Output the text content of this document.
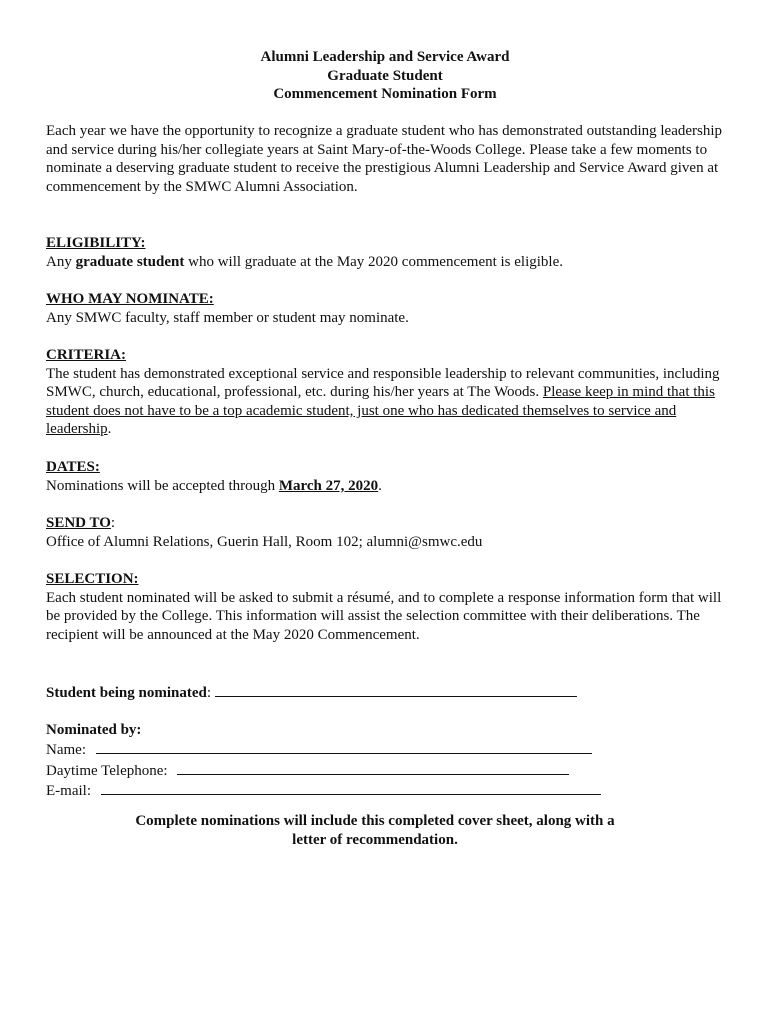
Alumni Leadership and Service Award
Graduate Student
Commencement Nomination Form
Each year we have the opportunity to recognize a graduate student who has demonstrated outstanding leadership and service during his/her collegiate years at Saint Mary-of-the-Woods College. Please take a few moments to nominate a deserving graduate student to receive the prestigious Alumni Leadership and Service Award given at commencement by the SMWC Alumni Association.
ELIGIBILITY:
Any graduate student who will graduate at the May 2020 commencement is eligible.
WHO MAY NOMINATE:
Any SMWC faculty, staff member or student may nominate.
CRITERIA:
The student has demonstrated exceptional service and responsible leadership to relevant communities, including SMWC, church, educational, professional, etc. during his/her years at The Woods. Please keep in mind that this student does not have to be a top academic student, just one who has dedicated themselves to service and leadership.
DATES:
Nominations will be accepted through March 27, 2020.
SEND TO:
Office of Alumni Relations, Guerin Hall, Room 102; alumni@smwc.edu
SELECTION:
Each student nominated will be asked to submit a résumé, and to complete a response information form that will be provided by the College. This information will assist the selection committee with their deliberations. The recipient will be announced at the May 2020 Commencement.
Student being nominated:
Nominated by:
Name:
Daytime Telephone:
E-mail:
Complete nominations will include this completed cover sheet, along with a
letter of recommendation.
